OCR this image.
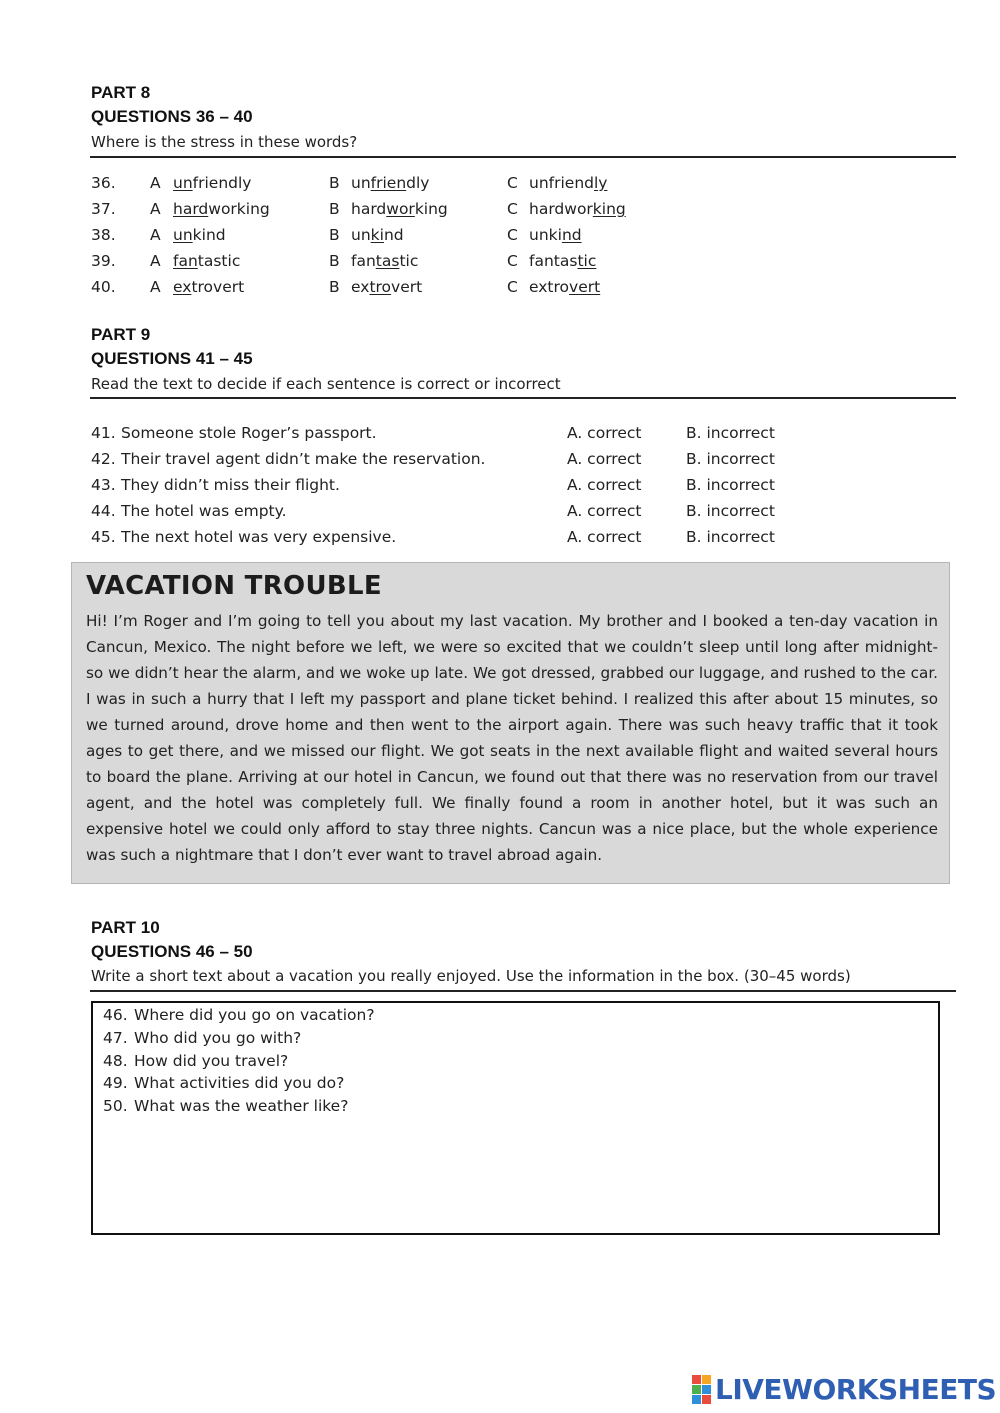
PART 8
QUESTIONS 36 – 40
Where is the stress in these words?
36. A unfriendly	B unfriendly	C unfriendly
37. A hardworking	B hardworking	C hardworking
38. A unkind	B unkind	C unkind
39. A fantastic	B fantastic	C fantastic
40. A extrovert	B extrovert	C extrovert
PART 9
QUESTIONS 41 – 45
Read the text to decide if each sentence is correct or incorrect
41. Someone stole Roger’s passport.	A. correct	B. incorrect
42. Their travel agent didn’t make the reservation.	A. correct	B. incorrect
43. They didn’t miss their flight.	A. correct	B. incorrect
44. The hotel was empty.	A. correct	B. incorrect
45. The next hotel was very expensive.	A. correct	B. incorrect
VACATION TROUBLE
Hi! I’m Roger and I’m going to tell you about my last vacation. My brother and I booked a ten-day vacation in Cancun, Mexico. The night before we left, we were so excited that we couldn’t sleep until long after midnight-so we didn’t hear the alarm, and we woke up late. We got dressed, grabbed our luggage, and rushed to the car. I was in such a hurry that I left my passport and plane ticket behind. I realized this after about 15 minutes, so we turned around, drove home and then went to the airport again. There was such heavy traffic that it took ages to get there, and we missed our flight. We got seats in the next available flight and waited several hours to board the plane. Arriving at our hotel in Cancun, we found out that there was no reservation from our travel agent, and the hotel was completely full. We finally found a room in another hotel, but it was such an expensive hotel we could only afford to stay three nights. Cancun was a nice place, but the whole experience was such a nightmare that I don’t ever want to travel abroad again.
PART 10
QUESTIONS 46 – 50
Write a short text about a vacation you really enjoyed. Use the information in the box. (30–45 words)
46. Where did you go on vacation?
47. Who did you go with?
48. How did you travel?
49. What activities did you do?
50. What was the weather like?
LIVEWORKSHEETS
